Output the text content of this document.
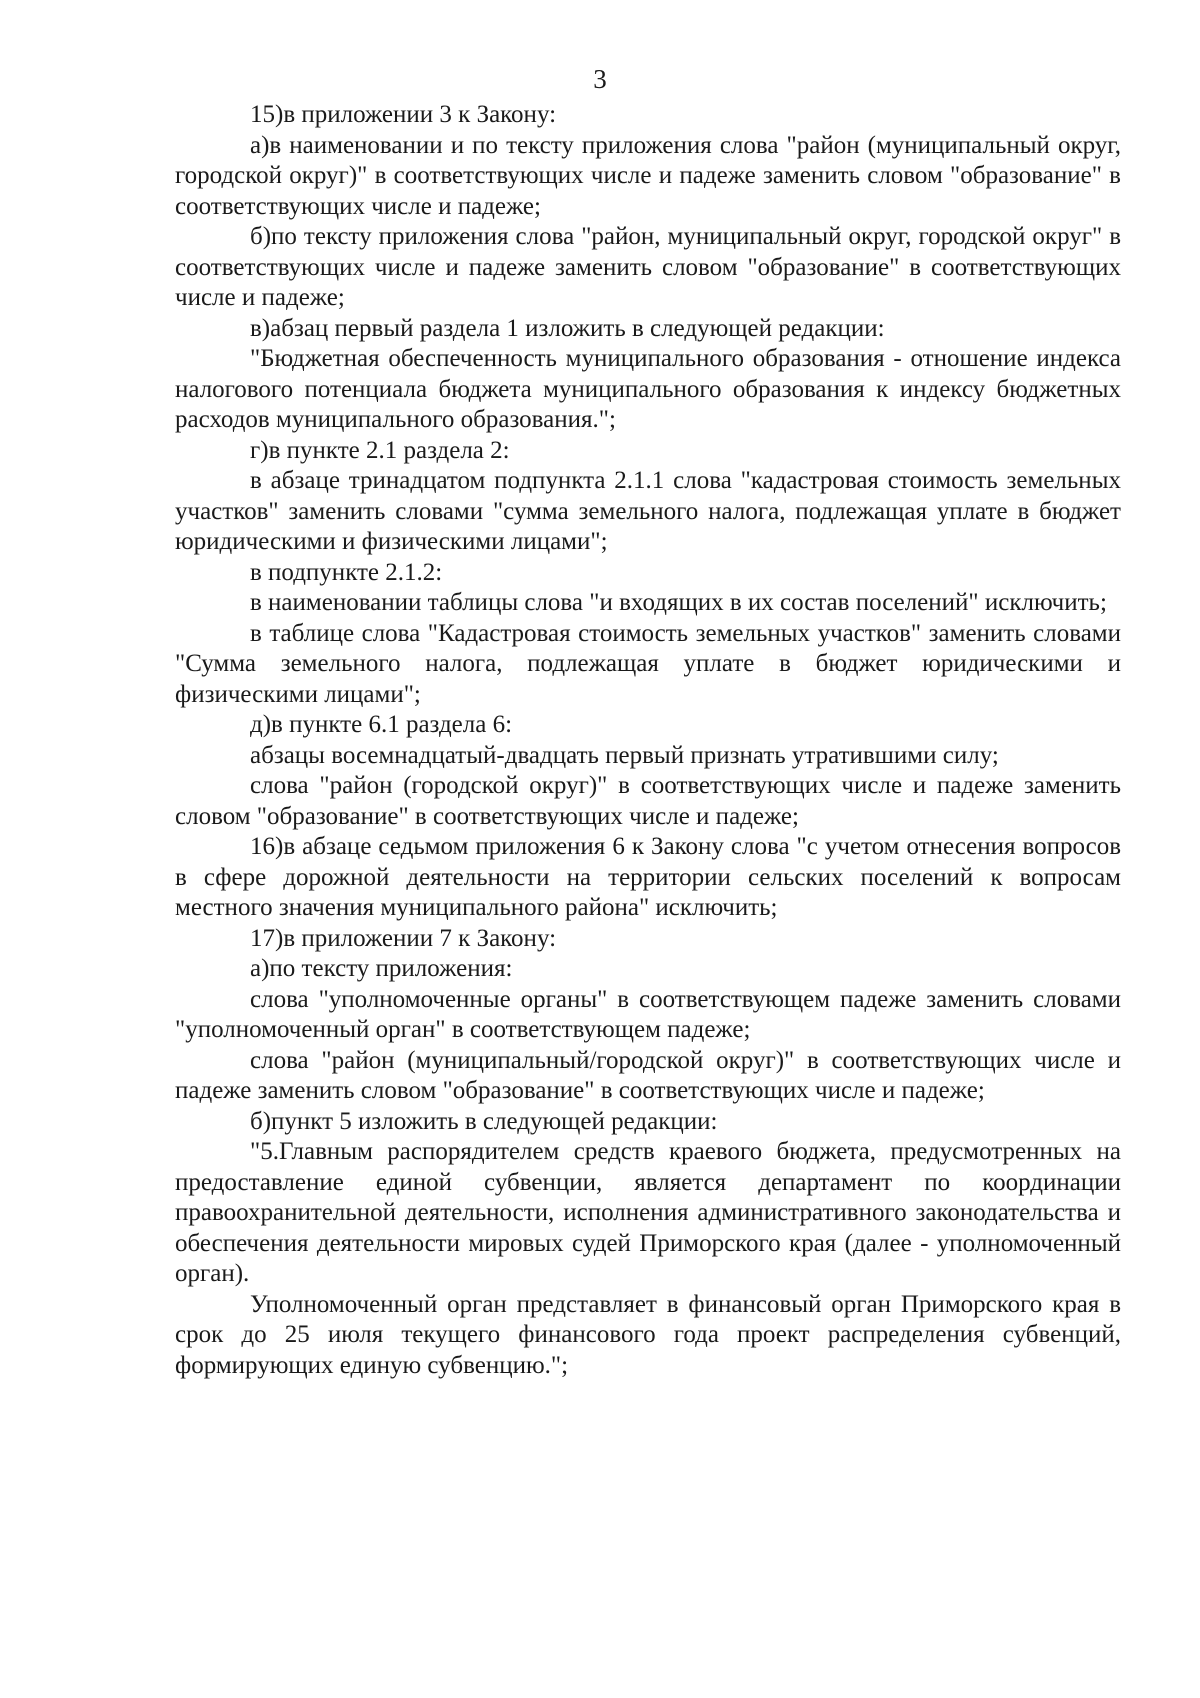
3

15)в приложении 3 к Закону:

а)в наименовании и по тексту приложения слова "район (муниципальный округ, городской округ)" в соответствующих числе и падеже заменить словом "образование" в соответствующих числе и падеже;

б)по тексту приложения слова "район, муниципальный округ, городской округ" в соответствующих числе и падеже заменить словом "образование" в соответствующих числе и падеже;

в)абзац первый раздела 1 изложить в следующей редакции:

"Бюджетная обеспеченность муниципального образования - отношение индекса налогового потенциала бюджета муниципального образования к индексу бюджетных расходов муниципального образования.";

г)в пункте 2.1 раздела 2:

в абзаце тринадцатом подпункта 2.1.1 слова "кадастровая стоимость земельных участков" заменить словами "сумма земельного налога, подлежащая уплате в бюджет юридическими и физическими лицами";

в подпункте 2.1.2:

в наименовании таблицы слова "и входящих в их состав поселений" исключить;

в таблице слова "Кадастровая стоимость земельных участков" заменить словами "Сумма земельного налога, подлежащая уплате в бюджет юридическими и физическими лицами";

д)в пункте 6.1 раздела 6:

абзацы восемнадцатый-двадцать первый признать утратившими силу;

слова "район (городской округ)" в соответствующих числе и падеже заменить словом "образование" в соответствующих числе и падеже;

16)в абзаце седьмом приложения 6 к Закону слова "с учетом отнесения вопросов в сфере дорожной деятельности на территории сельских поселений к вопросам местного значения муниципального района" исключить;

17)в приложении 7 к Закону:

а)по тексту приложения:

слова "уполномоченные органы" в соответствующем падеже заменить словами "уполномоченный орган" в соответствующем падеже;

слова "район (муниципальный/городской округ)" в соответствующих числе и падеже заменить словом "образование" в соответствующих числе и падеже;

б)пункт 5 изложить в следующей редакции:

"5.Главным распорядителем средств краевого бюджета, предусмотренных на предоставление единой субвенции, является департамент по координации правоохранительной деятельности, исполнения административного законодательства и обеспечения деятельности мировых судей Приморского края (далее - уполномоченный орган).

Уполномоченный орган представляет в финансовый орган Приморского края в срок до 25 июля текущего финансового года проект распределения субвенций, формирующих единую субвенцию.";
